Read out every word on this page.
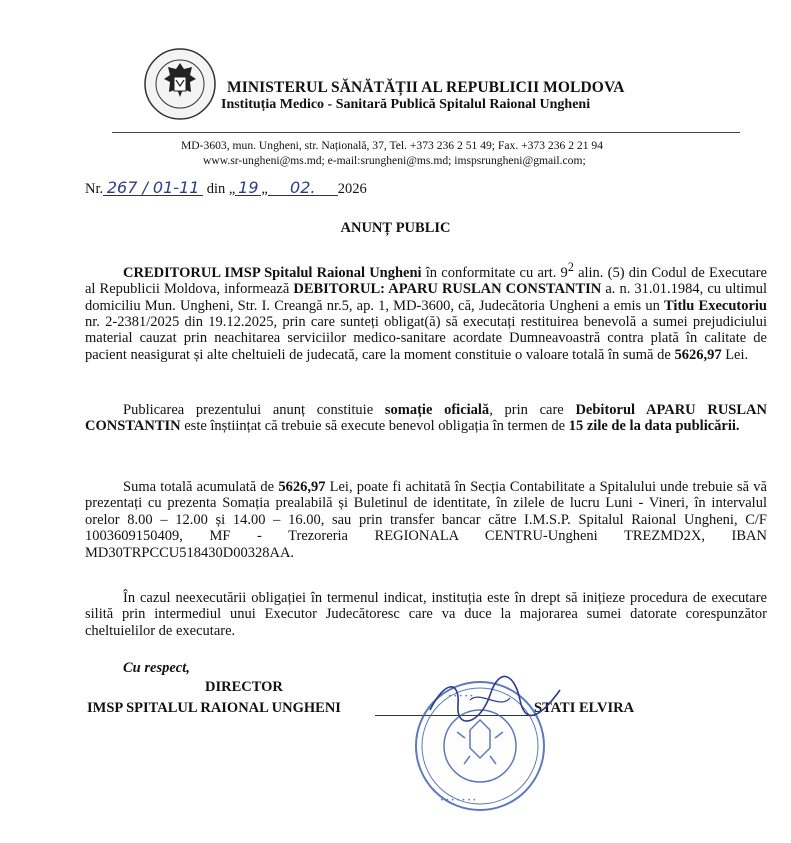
MINISTERUL SĂNĂTĂȚII AL REPUBLICII MOLDOVA
Instituția Medico - Sanitară Publică Spitalul Raional Ungheni
MD-3603, mun. Ungheni, str. Națională, 37, Tel. +373 236 2 51 49; Fax. +373 236 2 21 94
www.sr-ungheni@ms.md; e-mail:srungheni@ms.md; imspsrungheni@gmail.com;
Nr. 267 / 01-11 din „ 19 „ 02. 2026
ANUNȚ PUBLIC

CREDITORUL IMSP Spitalul Raional Ungheni în conformitate cu art. $9^2$ alin. (5) din Codul de Executare al Republicii Moldova, informează DEBITORUL: APARU RUSLAN CONSTANTIN a. n. 31.01.1984, cu ultimul domiciliu Mun. Ungheni, Str. I. Creangă nr.5, ap. 1, MD-3600, că, Judecătoria Ungheni a emis un Titlu Executoriu nr. 2-2381/2025 din 19.12.2025, prin care sunteți obligat(ă) să executați restituirea benevolă a sumei prejudiciului material cauzat prin neachitarea serviciilor medico-sanitare acordate Dumneavoastră contra plată în calitate de pacient neasigurat și alte cheltuieli de judecată, care la moment constituie o valoare totală în sumă de 5626,97 Lei.

Publicarea prezentului anunț constituie somație oficială, prin care Debitorul APARU RUSLAN CONSTANTIN este înștiințat că trebuie să execute benevol obligația în termen de 15 zile de la data publicării.

Suma totală acumulată de 5626,97 Lei, poate fi achitată în Secția Contabilitate a Spitalului unde trebuie să vă prezentați cu prezenta Somația prealabilă și Buletinul de identitate, în zilele de lucru Luni - Vineri, în intervalul orelor 8.00 – 12.00 și 14.00 – 16.00, sau prin transfer bancar către I.M.S.P. Spitalul Raional Ungheni, C/F 1003609150409, MF - Trezoreria REGIONALA CENTRU-Ungheni TREZMD2X, IBAN MD30TRPCCU518430D00328AA.

În cazul neexecutării obligației în termenul indicat, instituția este în drept să inițieze procedura de executare silită prin intermediul unui Executor Judecătoresc care va duce la majorarea sumei datorate corespunzător cheltuielilor de executare.

Cu respect,
DIRECTOR
IMSP SPITALUL RAIONAL UNGHENI	STATI ELVIRA
• • • • •
• • • • • • •
